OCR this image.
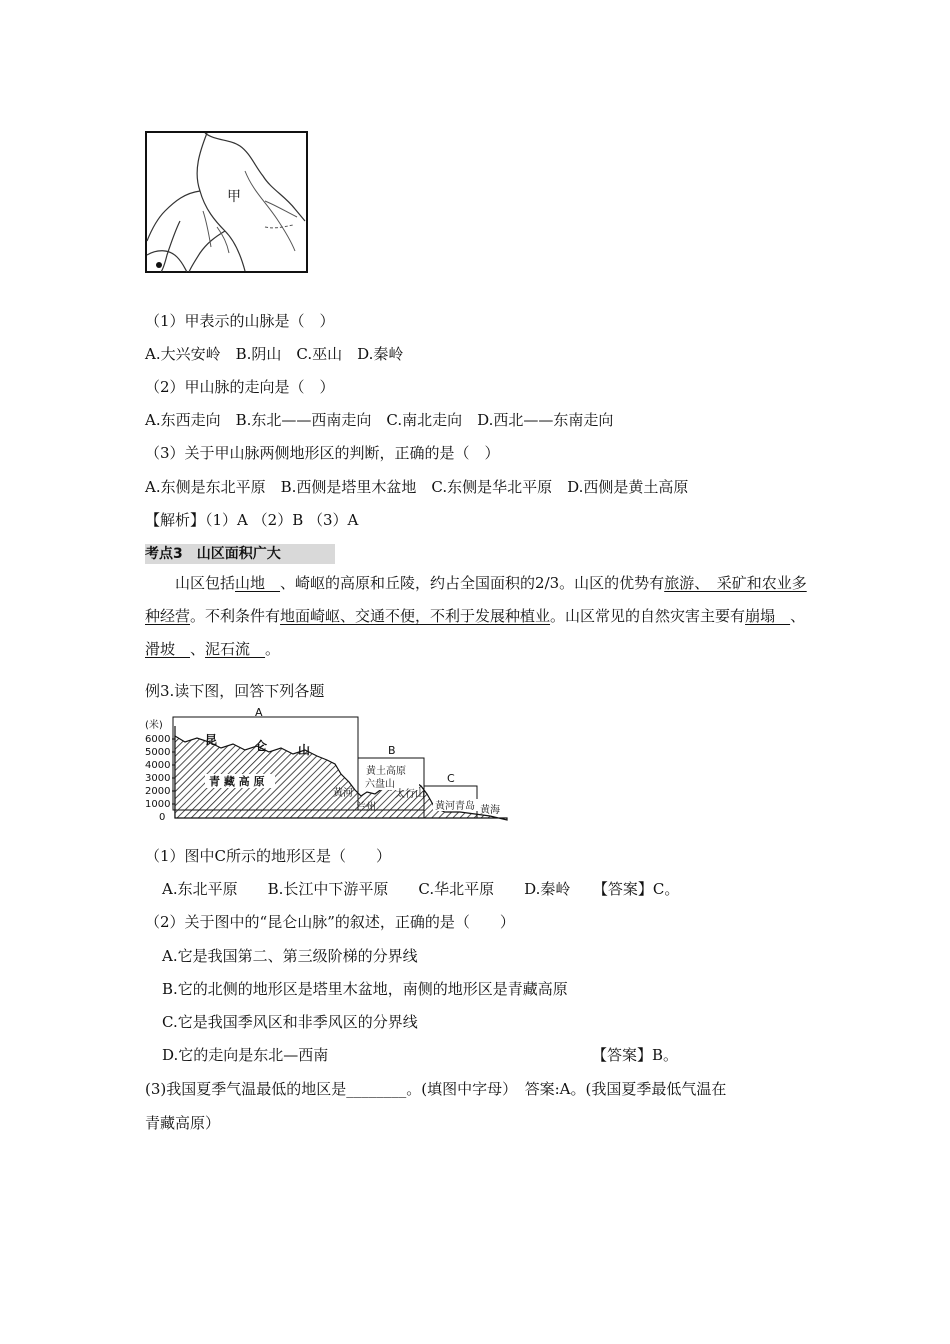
甲
（1）甲表示的山脉是（　）
A.大兴安岭　B.阴山　C.巫山　D.秦岭
（2）甲山脉的走向是（　）
A.东西走向　B.东北——西南走向　C.南北走向　D.西北——东南走向
（3）关于甲山脉两侧地形区的判断，正确的是（　）
A.东侧是东北平原　B.西侧是塔里木盆地　C.东侧是华北平原　D.西侧是黄土高原
【解析】（1）A （2）B （3）A
考点3　山区面积广大
山区包括山地　、崎岖的高原和丘陵，约占全国面积的2/3。山区的优势有旅游、　采矿和农业多种经营。不利条件有地面崎岖、交通不便，不利于发展种植业。山区常见的自然灾害主要有崩塌　、滑坡　、泥石流　。
例3.读下图，回答下列各题
(米)
6000
5000
4000
3000
2000
1000
0
A
B
C
昆	仑	山
青 藏 高 原
黄土高原
六盘山
黄河
兰州
太行山
黄河青岛 黄海
（1）图中C所示的地形区是（　　）
A.东北平原　　B.长江中下游平原　　C.华北平原　　D.秦岭　　【答案】C。
（2）关于图中的“昆仑山脉”的叙述，正确的是（　　）
A.它是我国第二、第三级阶梯的分界线
B.它的北侧的地形区是塔里木盆地，南侧的地形区是青藏高原
C.它是我国季风区和非季风区的分界线
D.它的走向是东北—西南	【答案】B。
(3)我国夏季气温最低的地区是________。(填图中字母）　答案:A。(我国夏季最低气温在
青藏高原）
